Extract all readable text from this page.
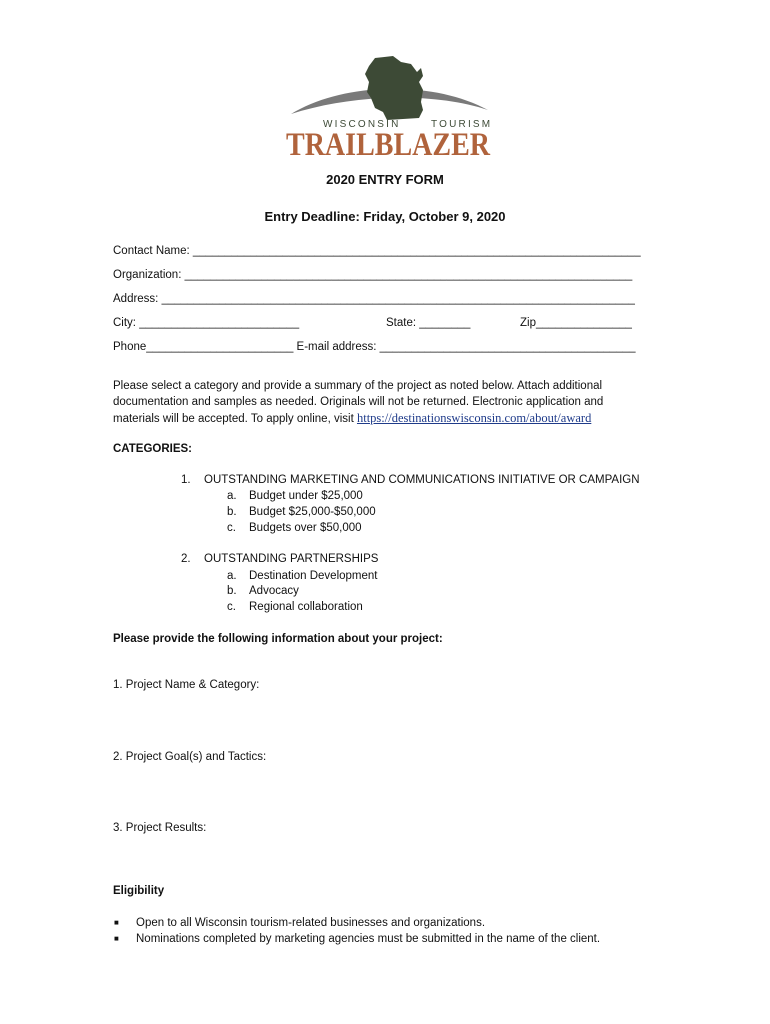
WISCONSIN	TOURISM
TRAILBLAZER
2020 ENTRY FORM
Entry Deadline: Friday, October 9, 2020
Contact Name: ______________________________________________________________________
Organization: ______________________________________________________________________
Address: __________________________________________________________________________
City: _________________________	State: ________	Zip_______________
Phone_______________________ E-mail address: ________________________________________
Please select a category and provide a summary of the project as noted below. Attach additional documentation and samples as needed. Originals will not be returned. Electronic application and materials will be accepted. To apply online, visit https://destinationswisconsin.com/about/award
CATEGORIES:
1. OUTSTANDING MARKETING AND COMMUNICATIONS INITIATIVE OR CAMPAIGN
a. Budget under $25,000
b. Budget $25,000-$50,000
c. Budgets over $50,000
2. OUTSTANDING PARTNERSHIPS
a. Destination Development
b. Advocacy
c. Regional collaboration
Please provide the following information about your project:
1. Project Name & Category:
2. Project Goal(s) and Tactics:
3. Project Results:
Eligibility
■ Open to all Wisconsin tourism-related businesses and organizations.
■ Nominations completed by marketing agencies must be submitted in the name of the client.
